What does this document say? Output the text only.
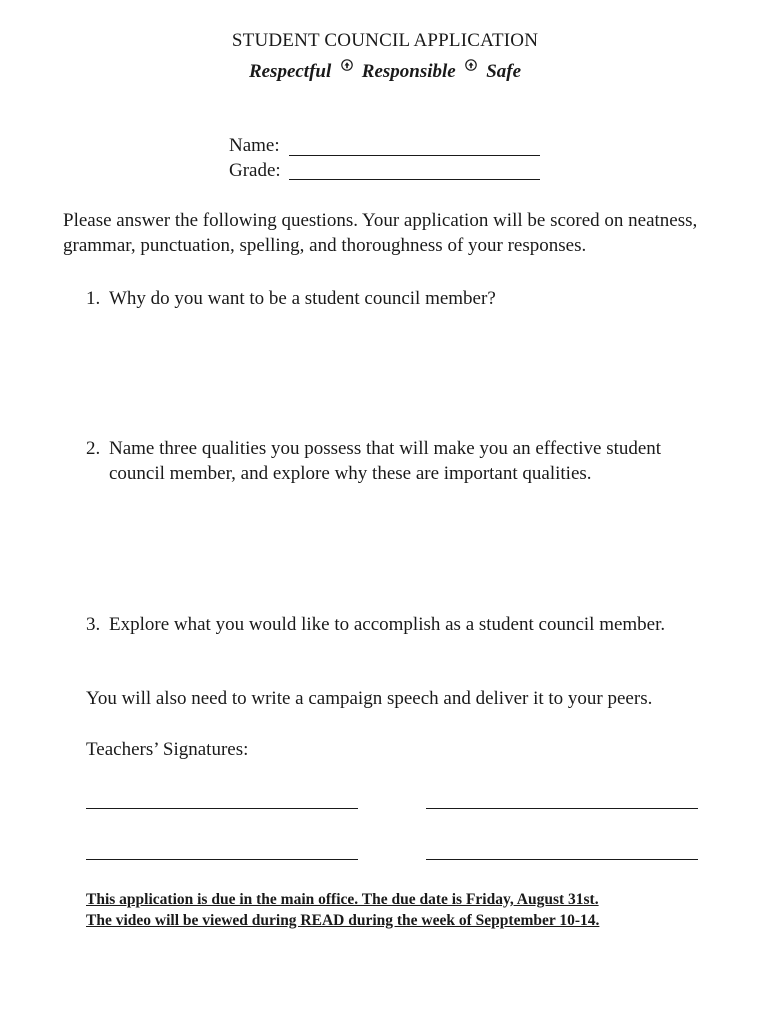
STUDENT COUNCIL APPLICATION
Respectful Responsible Safe
Name:
Grade:
Please answer the following questions. Your application will be scored on neatness, grammar, punctuation, spelling, and thoroughness of your responses.
1. Why do you want to be a student council member?
2. Name three qualities you possess that will make you an effective student council member, and explore why these are important qualities.
3. Explore what you would like to accomplish as a student council member.
You will also need to write a campaign speech and deliver it to your peers.
Teachers’ Signatures:
This application is due in the main office. The due date is Friday, August 31st.
The video will be viewed during READ during the week of Sepptember 10-14.
